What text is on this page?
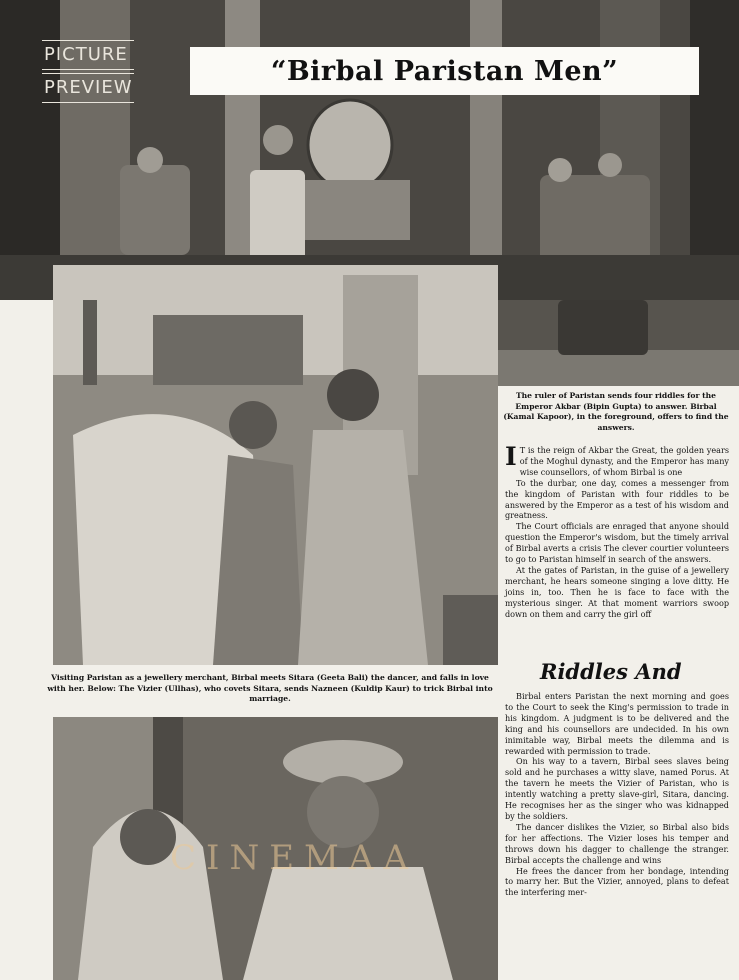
PICTURE
PREVIEW
“Birbal Paristan Men”

The ruler of Paristan sends four riddles for the Emperor Akbar (Bipin Gupta) to answer. Birbal (Kamal Kapoor), in the foreground, offers to find the answers.

I T is the reign of Akbar the Great, the golden years of the Moghul dynasty, and the Emperor has many wise counsellors, of whom Birbal is one

To the durbar, one day, comes a messenger from the kingdom of Paristan with four riddles to be answered by the Emperor as a test of his wisdom and greatness.

The Court officials are enraged that anyone should question the Emperor's wisdom, but the timely arrival of Birbal averts a crisis The clever courtier volunteers to go to Paristan himself in search of the answers.

At the gates of Paristan, in the guise of a jewellery merchant, he hears someone singing a love ditty. He joins in, too. Then he is face to face with the mysterious singer. At that moment warriors swoop down on them and carry the girl off

Riddles And

Visiting Paristan as a jewellery merchant, Birbal meets Sitara (Geeta Bali) the dancer, and falls in love with her. Below: The Vizier (Ullhas), who covets Sitara, sends Nazneen (Kuldip Kaur) to trick Birbal into marriage.

CINEMAA

Birbal enters Paristan the next morning and goes to the Court to seek the King's permission to trade in his kingdom. A judgment is to be delivered and the king and his counsellors are undecided. In his own inimitable way, Birbal meets the dilemma and is rewarded with permission to trade.

On his way to a tavern, Birbal sees slaves being sold and he purchases a witty slave, named Porus. At the tavern he meets the Vizier of Paristan, who is intently watching a pretty slave-girl, Sitara, dancing. He recognises her as the singer who was kidnapped by the soldiers.

The dancer dislikes the Vizier, so Birbal also bids for her affections. The Vizier loses his temper and throws down his dagger to challenge the stranger. Birbal accepts the challenge and wins

He frees the dancer from her bondage, intending to marry her. But the Vizier, annoyed, plans to defeat the interfering mer-
